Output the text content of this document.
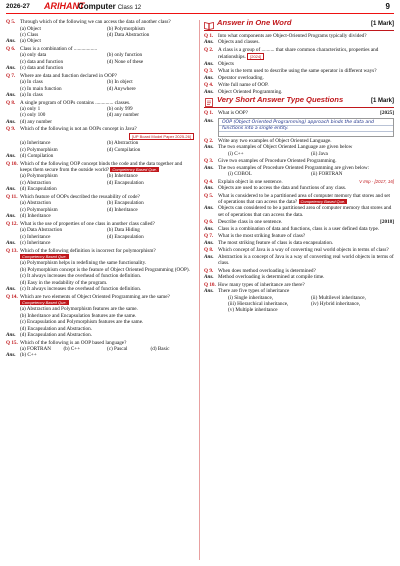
2026-27 ARIHANT
Computer Class 12	9
Q 5. Through which of the following we can access the data of another class?
(a) Object	(b) Polymorphism
(c) Class	(d) Data Abstraction
Ans. (a) Object
Q 6. Class is a combination of ..................
(a) only data	(b) only function
(c) data and function	(d) None of these
Ans. (c) data and function
Q 7. Where are data and function declared in OOP?
(a) In class	(b) In object
(c) In main function	(d) Anywhere
Ans. (a) In class
Q 8. A single program of OOPs contains .............. classes.
(a) only 1	(b) only 999
(c) only 100	(d) any number
Ans. (d) any number
Q 9. Which of the following is not an OOPs concept in Java?
[UP Board Model Paper 2025-26]
(a) Inheritance	(b) Abstraction
(c) Polymorphism	(d) Compilation
Ans. (d) Compilation
Q 10. Which of the following OOP concept binds the code and the data together and keeps them secure from the outside world? Competency Based Que.
(a) Polymorphism	(b) Inheritance
(c) Abstraction	(d) Encapsulation
Ans. (d) Encapsulation
Q 11. Which feature of OOPs described the reusability of code?
(a) Abstraction	(b) Encapsulation
(c) Polymorphism	(d) Inheritance
Ans. (d) Inheritance
Q 12. What is the use of properties of one class in another class called?
(a) Data Abstraction	(b) Data Hiding
(c) Inheritance	(d) Encapsulation
Ans. (c) Inheritance
Q 13. Which of the following definition is incorrect for polymorphism? Competency Based Que.
(a) Polymorphism helps in redefining the same functionality.
(b) Polymorphism concept is the feature of Object Oriented Programming (OOP).
(c) It always increases the overhead of function definition.
(d) Easy in the readability of the program.
Ans. (c) It always increases the overhead of function definition.
Q 14. Which are two elements of Object Oriented Programming are the same? Competency Based Que.
(a) Abstraction and Polymorphism features are the same.
(b) Inheritance and Encapsulation features are the same.
(c) Encapsulation and Polymorphism features are the same.
(d) Encapsulation and Abstraction.
Ans. (d) Encapsulation and Abstraction.
Q 15. Which of the following is an OOP based language?
(a) FORTRAN	(b) C++	(c) Pascal	(d) Basic
Ans. (b) C++
Answer in One Word	[1 Mark]
Q 1. Into what components are Object-Oriented Programs typically divided?
Ans. Objects and classes.
Q 2. A class is a group of .......... that share common characteristics, properties and relationships. [2024]
Ans. Objects
Q 3. What is the term used to describe using the same operator in different ways?
Ans. Operator overloading.
Q 4. Write full name of OOP.
Ans. Object Oriented Programming.
Very Short Answer Type Questions	[1 Mark]
Q 1. What is OOP?	[2025]
Ans. OOP (Object Oriented Programming) approach binds the data and functions into a single entity.
Q 2. Write any two examples of Object Oriented Language.
Ans. The two examples of Object Oriented Language are given below
(i) C++	(ii) Java
Q 3. Give two examples of Procedure Oriented Programming.
Ans. The two examples of Procedure Oriented Programming are given below:
(i) COBOL	(ii) FORTRAN
Q 4. Explain object in one sentence.	V Imp - [2017, 16]
Ans. Objects are used to access the data and functions of any class.
Q 5. What is considered to be a partitioned area of computer memory that stores and set of operations that can access the data? Competency Based Que.
Ans. Objects can considered to be a partitioned area of computer memory that stores and set of operations that can access the data.
Q 6. Describe class in one sentence.	[2018]
Ans. Class is a combination of data and functions, class is a user defined data type.
Q 7. What is the most striking feature of class?
Ans. The most striking feature of class is data encapsulation.
Q 8. Which concept of Java is a way of converting real world objects in terms of class?
Ans. Abstraction is a concept of Java is a way of converting real world objects in terms of class.
Q 9. When does method overloading is determined?
Ans. Method overloading is determined at compile time.
Q 10. How many types of inheritance are there?
Ans. There are five types of inheritance
(i) Single inheritance,	(ii) Multilevel inheritance,
(iii) Hierarchical inheritance,	(iv) Hybrid inheritance,
(v) Multiple inheritance
